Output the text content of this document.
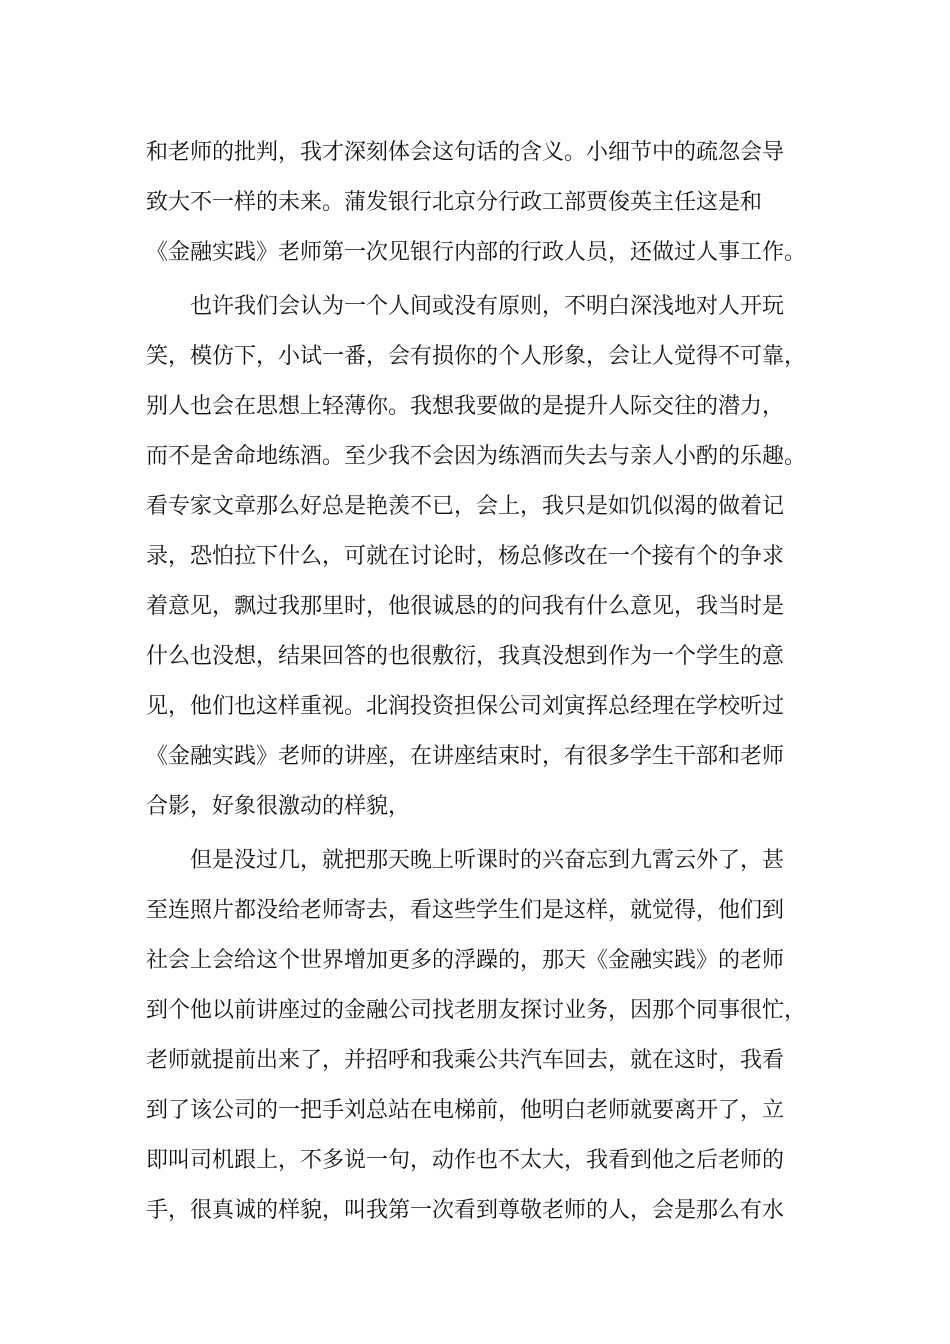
和老师的批判，我才深刻体会这句话的含义。小细节中的疏忽会导
致大不一样的未来。蒲发银行北京分行政工部贾俊英主任这是和
《金融实践》老师第一次见银行内部的行政人员，还做过人事工作。
也许我们会认为一个人间或没有原则，不明白深浅地对人开玩
笑，模仿下，小试一番，会有损你的个人形象，会让人觉得不可靠，
别人也会在思想上轻薄你。我想我要做的是提升人际交往的潜力，
而不是舍命地练酒。至少我不会因为练酒而失去与亲人小酌的乐趣。
看专家文章那么好总是艳羡不已，会上，我只是如饥似渴的做着记
录，恐怕拉下什么，可就在讨论时，杨总修改在一个接有个的争求
着意见，飘过我那里时，他很诚恳的的问我有什么意见，我当时是
什么也没想，结果回答的也很敷衍，我真没想到作为一个学生的意
见，他们也这样重视。北润投资担保公司刘寅挥总经理在学校听过
《金融实践》老师的讲座，在讲座结束时，有很多学生干部和老师
合影，好象很激动的样貌，
但是没过几，就把那天晚上听课时的兴奋忘到九霄云外了，甚
至连照片都没给老师寄去，看这些学生们是这样，就觉得，他们到
社会上会给这个世界增加更多的浮躁的，那天《金融实践》的老师
到个他以前讲座过的金融公司找老朋友探讨业务，因那个同事很忙，
老师就提前出来了，并招呼和我乘公共汽车回去，就在这时，我看
到了该公司的一把手刘总站在电梯前，他明白老师就要离开了，立
即叫司机跟上，不多说一句，动作也不太大，我看到他之后老师的
手，很真诚的样貌，叫我第一次看到尊敬老师的人，会是那么有水
